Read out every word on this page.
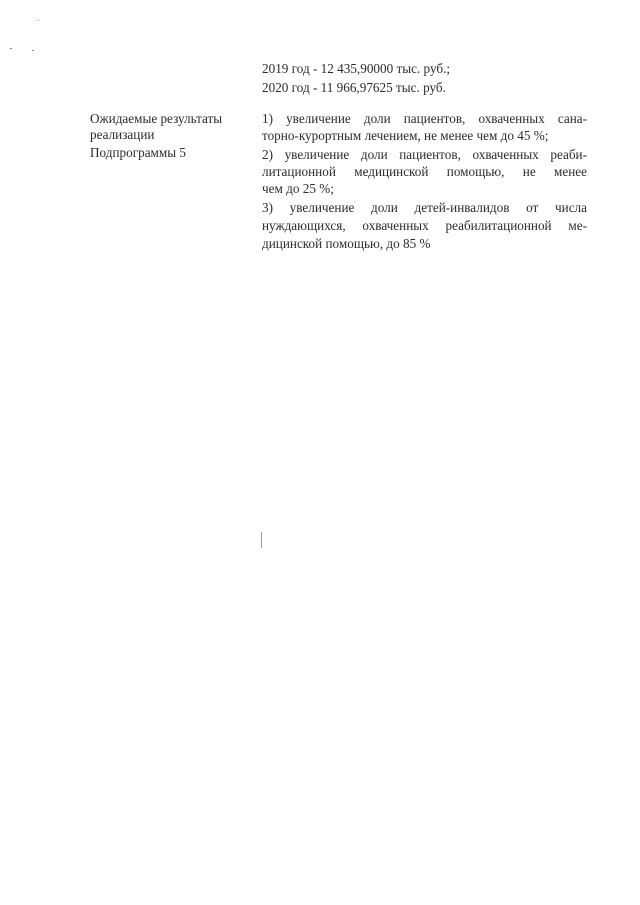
2019 год - 12 435,90000 тыс. руб.;
2020 год - 11 966,97625 тыс. руб.
Ожидаемые результаты
реализации
Подпрограммы 5
1) увеличение доли пациентов, охваченных сана-
торно-курортным лечением, не менее чем до 45 %;
2) увеличение доли пациентов, охваченных реаби-
литационной медицинской помощью, не менее
чем до 25 %;
3) увеличение доли детей-инвалидов от числа
нуждающихся, охваченных реабилитационной ме-
дицинской помощью, до 85 %
